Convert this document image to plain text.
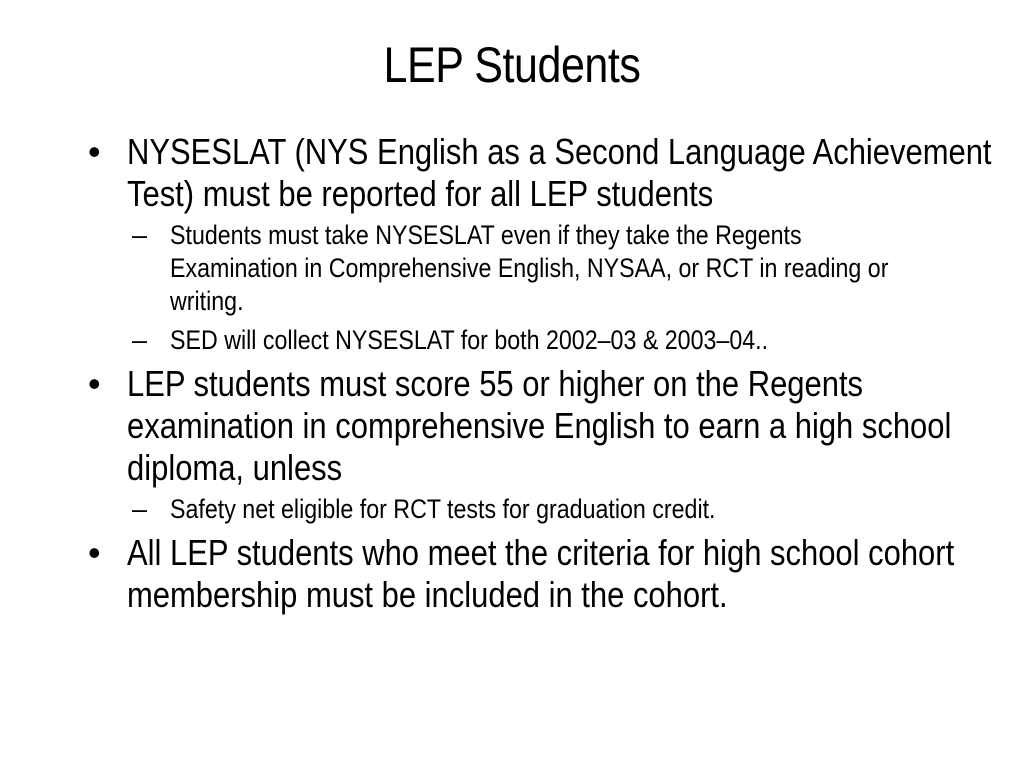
LEP Students
• NYSESLAT (NYS English as a Second Language Achievement Test) must be reported for all LEP students
– Students must take NYSESLAT even if they take the Regents Examination in Comprehensive English, NYSAA, or RCT in reading or writing.
– SED will collect NYSESLAT for both 2002–03 & 2003–04..
• LEP students must score 55 or higher on the Regents examination in comprehensive English to earn a high school diploma, unless
– Safety net eligible for RCT tests for graduation credit.
• All LEP students who meet the criteria for high school cohort membership must be included in the cohort.
